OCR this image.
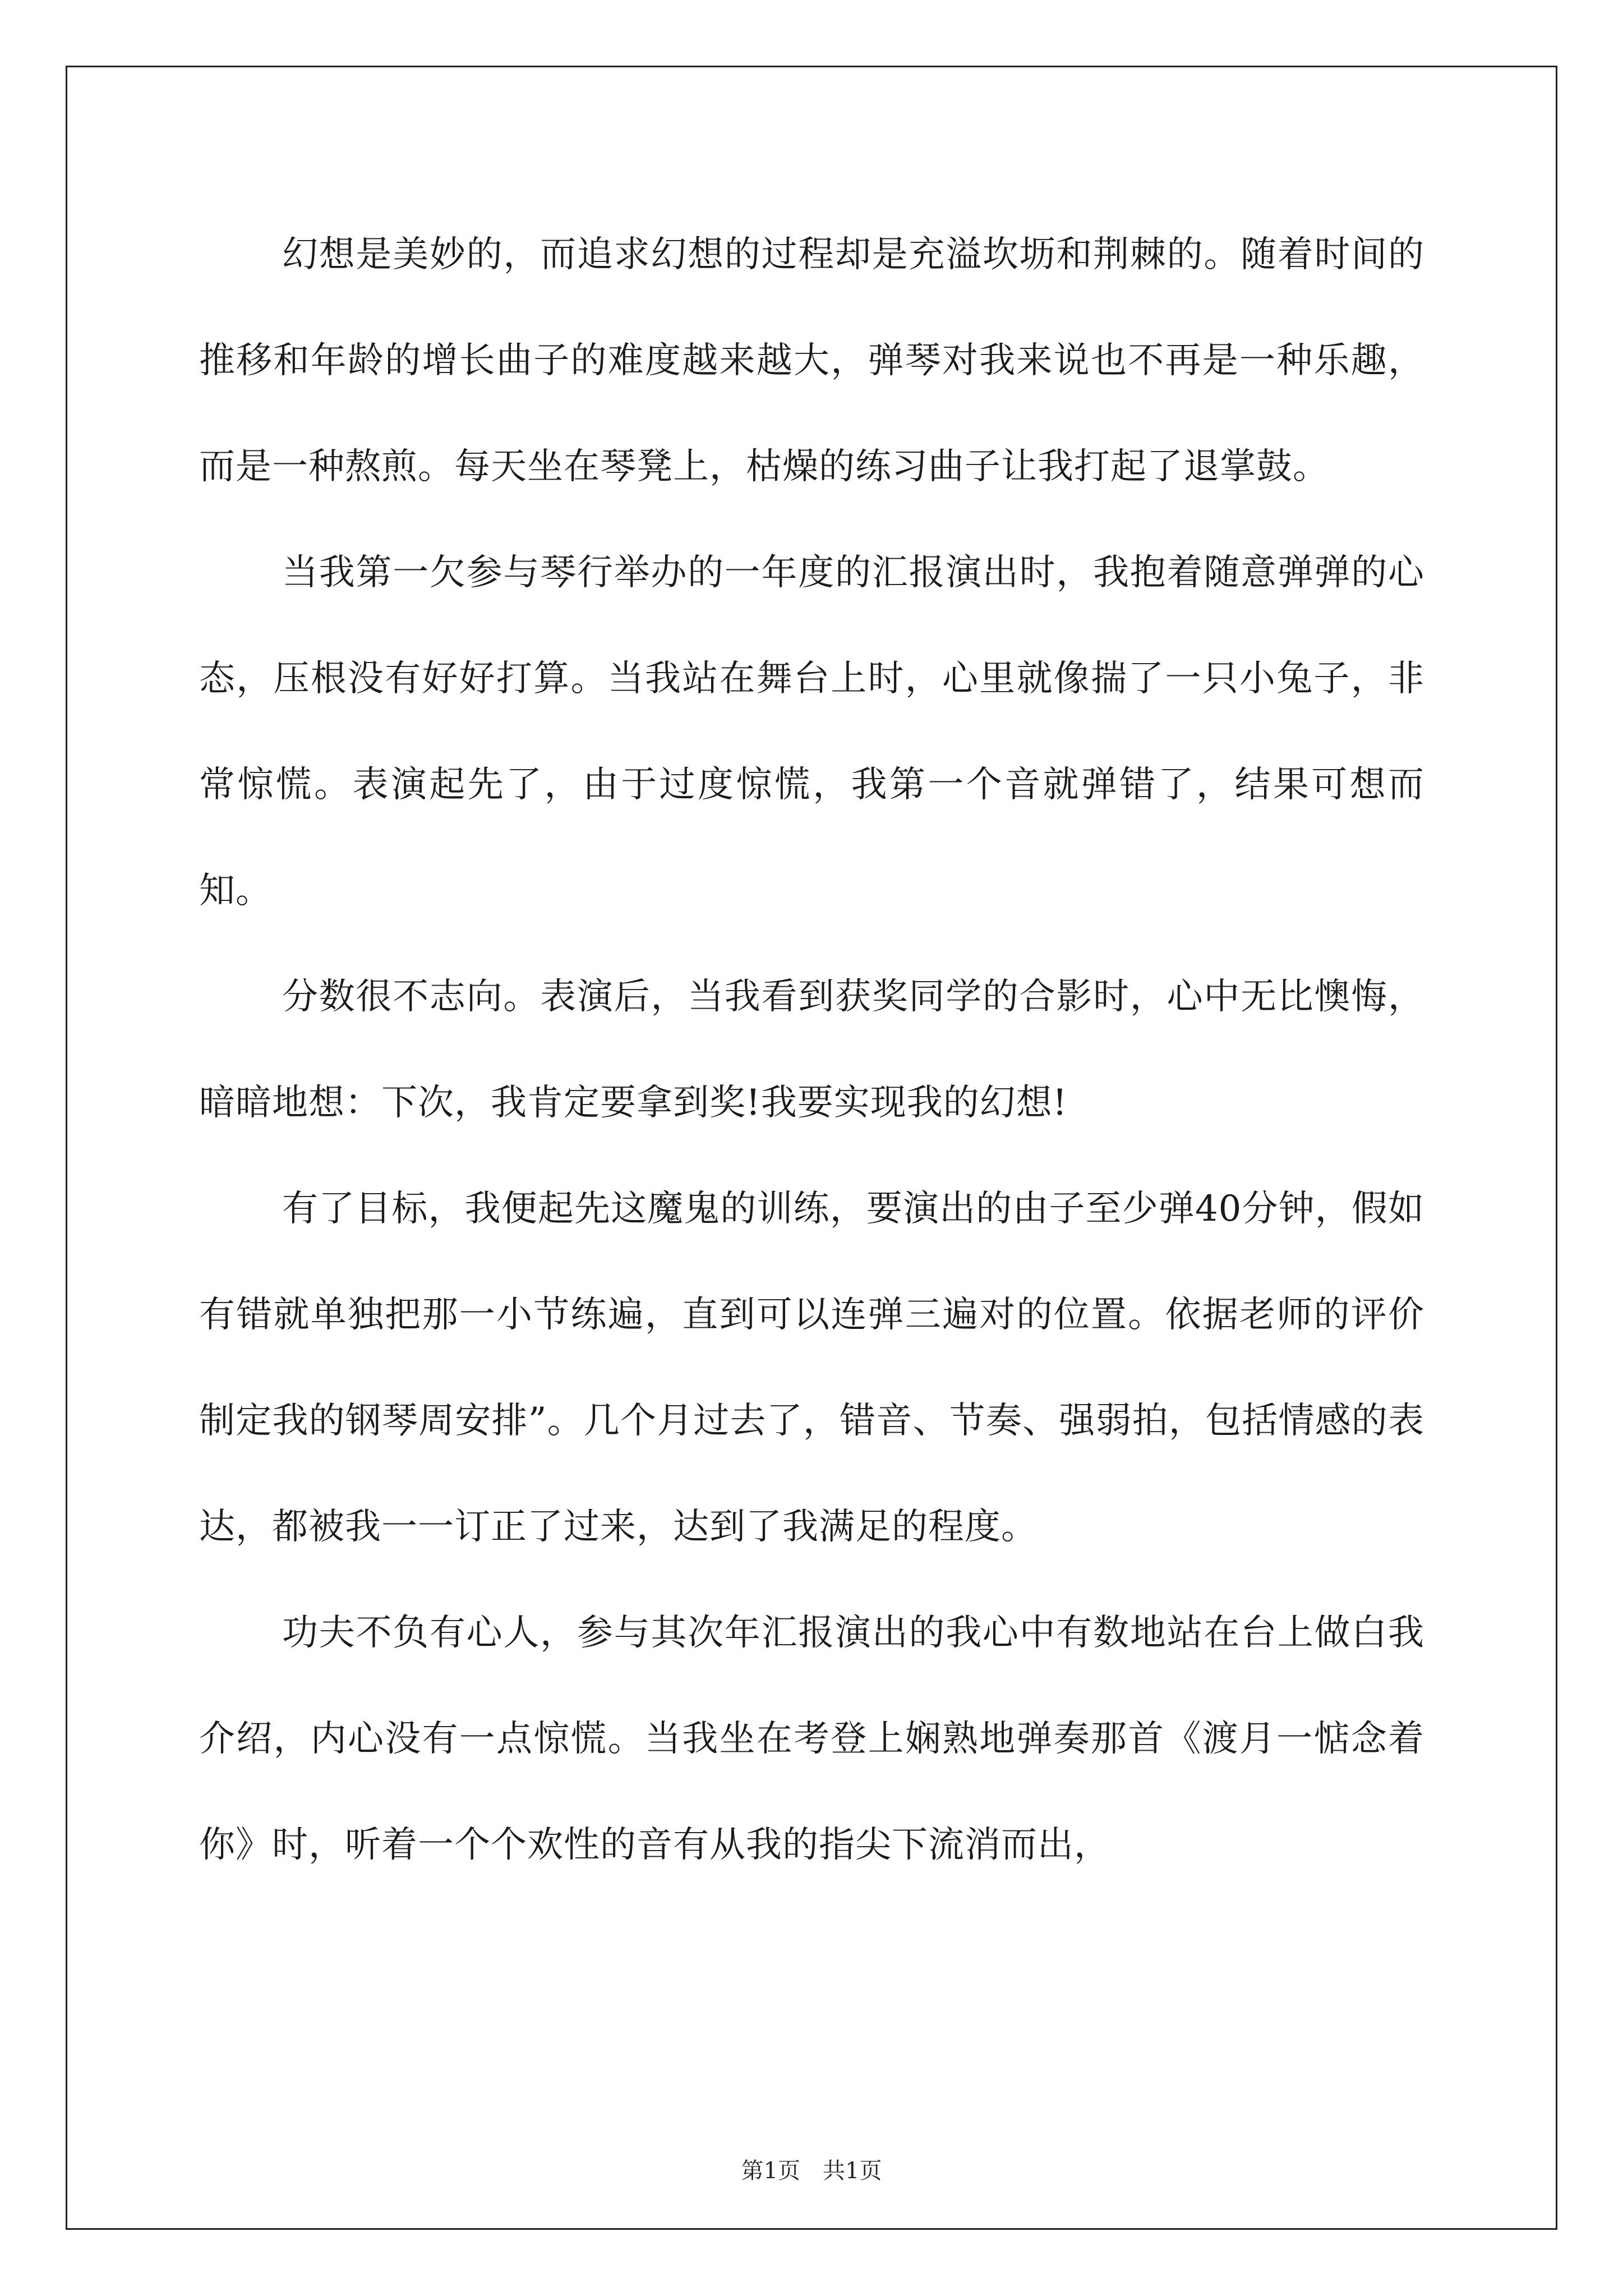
幻想是美妙的，而追求幻想的过程却是充溢坎坜和荆棘的。随着时间的推移和年龄的增长曲子的难度越来越大，弹琴对我来说也不再是一种乐趣，而是一种熬煎。每天坐在琴凳上，枯燥的练习曲子让我打起了退掌鼓。

当我第一欠参与琴行举办的一年度的汇报演出时，我抱着随意弹弹的心态，压根没有好好打算。当我站在舞台上时，心里就像揣了一只小兔子，非常惊慌。表演起先了，由于过度惊慌，我第一个音就弹错了，结果可想而知。

分数很不志向。表演后，当我看到获奖同学的合影时，心中无比懊悔，暗暗地想：下次，我肯定要拿到奖!我要实现我的幻想!

有了目标，我便起先这魔鬼的训练，要演出的由子至少弹40分钟，假如有错就单独把那一小节练遍，直到可以连弹三遍对的位置。依据老师的评价制定我的钢琴周安排”。几个月过去了，错音、节奏、强弱拍，包括情感的表达，都被我一一订正了过来，达到了我满足的程度。

功夫不负有心人，参与其次年汇报演出的我心中有数地站在台上做白我介绍，内心没有一点惊慌。当我坐在考登上娴熟地弹奏那首《渡月一惦念着你》时，听着一个个欢性的音有从我的指尖下流消而出，

第1页　共1页
